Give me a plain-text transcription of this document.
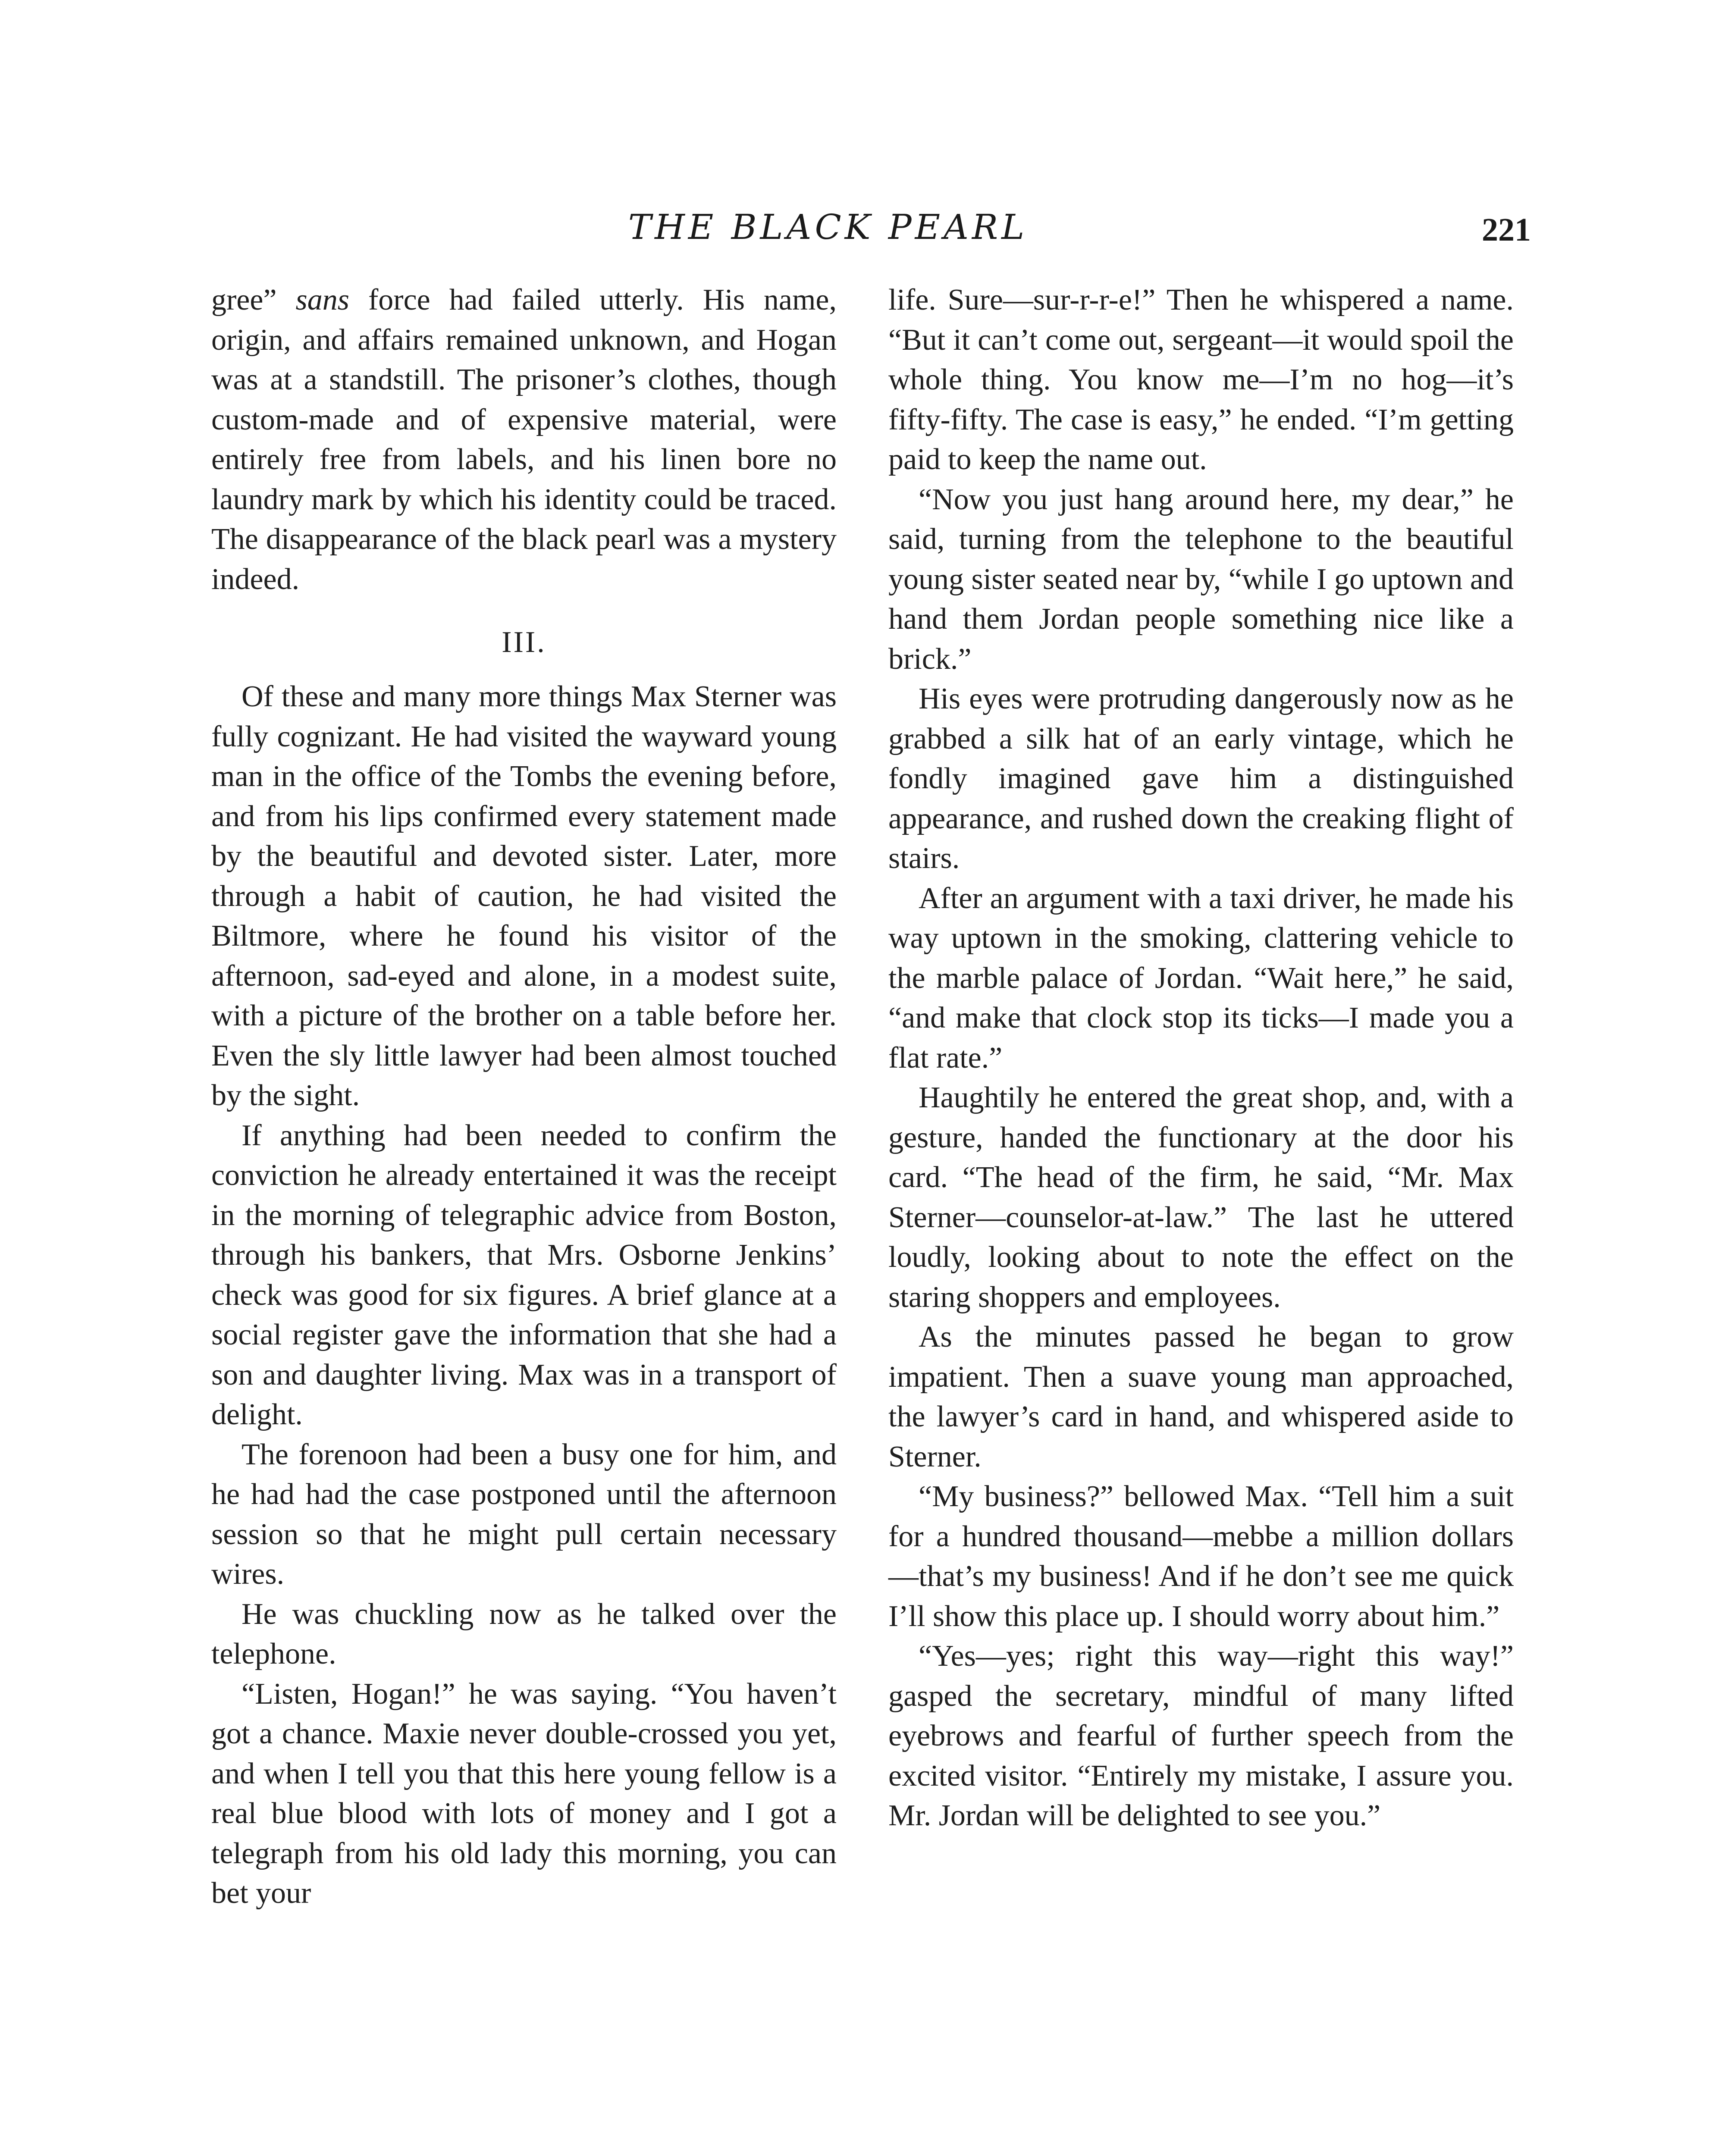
THE BLACK PEARL	221

gree” sans force had failed utterly. His name, origin, and affairs remained unknown, and Hogan was at a standstill. The prisoner’s clothes, though custom-made and of expensive material, were entirely free from labels, and his linen bore no laundry mark by which his identity could be traced. The disappearance of the black pearl was a mystery indeed.

III.

Of these and many more things Max Sterner was fully cognizant. He had visited the wayward young man in the office of the Tombs the evening before, and from his lips confirmed every statement made by the beautiful and devoted sister. Later, more through a habit of caution, he had visited the Biltmore, where he found his visitor of the afternoon, sad-eyed and alone, in a modest suite, with a picture of the brother on a table before her. Even the sly little lawyer had been almost touched by the sight.

If anything had been needed to confirm the conviction he already entertained it was the receipt in the morning of telegraphic advice from Boston, through his bankers, that Mrs. Osborne Jenkins’ check was good for six figures. A brief glance at a social register gave the information that she had a son and daughter living. Max was in a transport of delight.

The forenoon had been a busy one for him, and he had had the case postponed until the afternoon session so that he might pull certain necessary wires.

He was chuckling now as he talked over the telephone.

“Listen, Hogan!” he was saying. “You haven’t got a chance. Maxie never double-crossed you yet, and when I tell you that this here young fellow is a real blue blood with lots of money and I got a telegraph from his old lady this morning, you can bet your

life. Sure—sur-r-r-e!” Then he whispered a name. “But it can’t come out, sergeant—it would spoil the whole thing. You know me—I’m no hog—it’s fifty-fifty. The case is easy,” he ended. “I’m getting paid to keep the name out.

“Now you just hang around here, my dear,” he said, turning from the telephone to the beautiful young sister seated near by, “while I go uptown and hand them Jordan people something nice like a brick.”

His eyes were protruding dangerously now as he grabbed a silk hat of an early vintage, which he fondly imagined gave him a distinguished appearance, and rushed down the creaking flight of stairs.

After an argument with a taxi driver, he made his way uptown in the smoking, clattering vehicle to the marble palace of Jordan. “Wait here,” he said, “and make that clock stop its ticks—I made you a flat rate.”

Haughtily he entered the great shop, and, with a gesture, handed the functionary at the door his card. “The head of the firm, he said, “Mr. Max Sterner—counselor-at-law.” The last he uttered loudly, looking about to note the effect on the staring shoppers and employees.

As the minutes passed he began to grow impatient. Then a suave young man approached, the lawyer’s card in hand, and whispered aside to Sterner.

“My business?” bellowed Max. “Tell him a suit for a hundred thousand—mebbe a million dollars—that’s my business! And if he don’t see me quick I’ll show this place up. I should worry about him.”

“Yes—yes; right this way—right this way!” gasped the secretary, mindful of many lifted eyebrows and fearful of further speech from the excited visitor. “Entirely my mistake, I assure you. Mr. Jordan will be delighted to see you.”
